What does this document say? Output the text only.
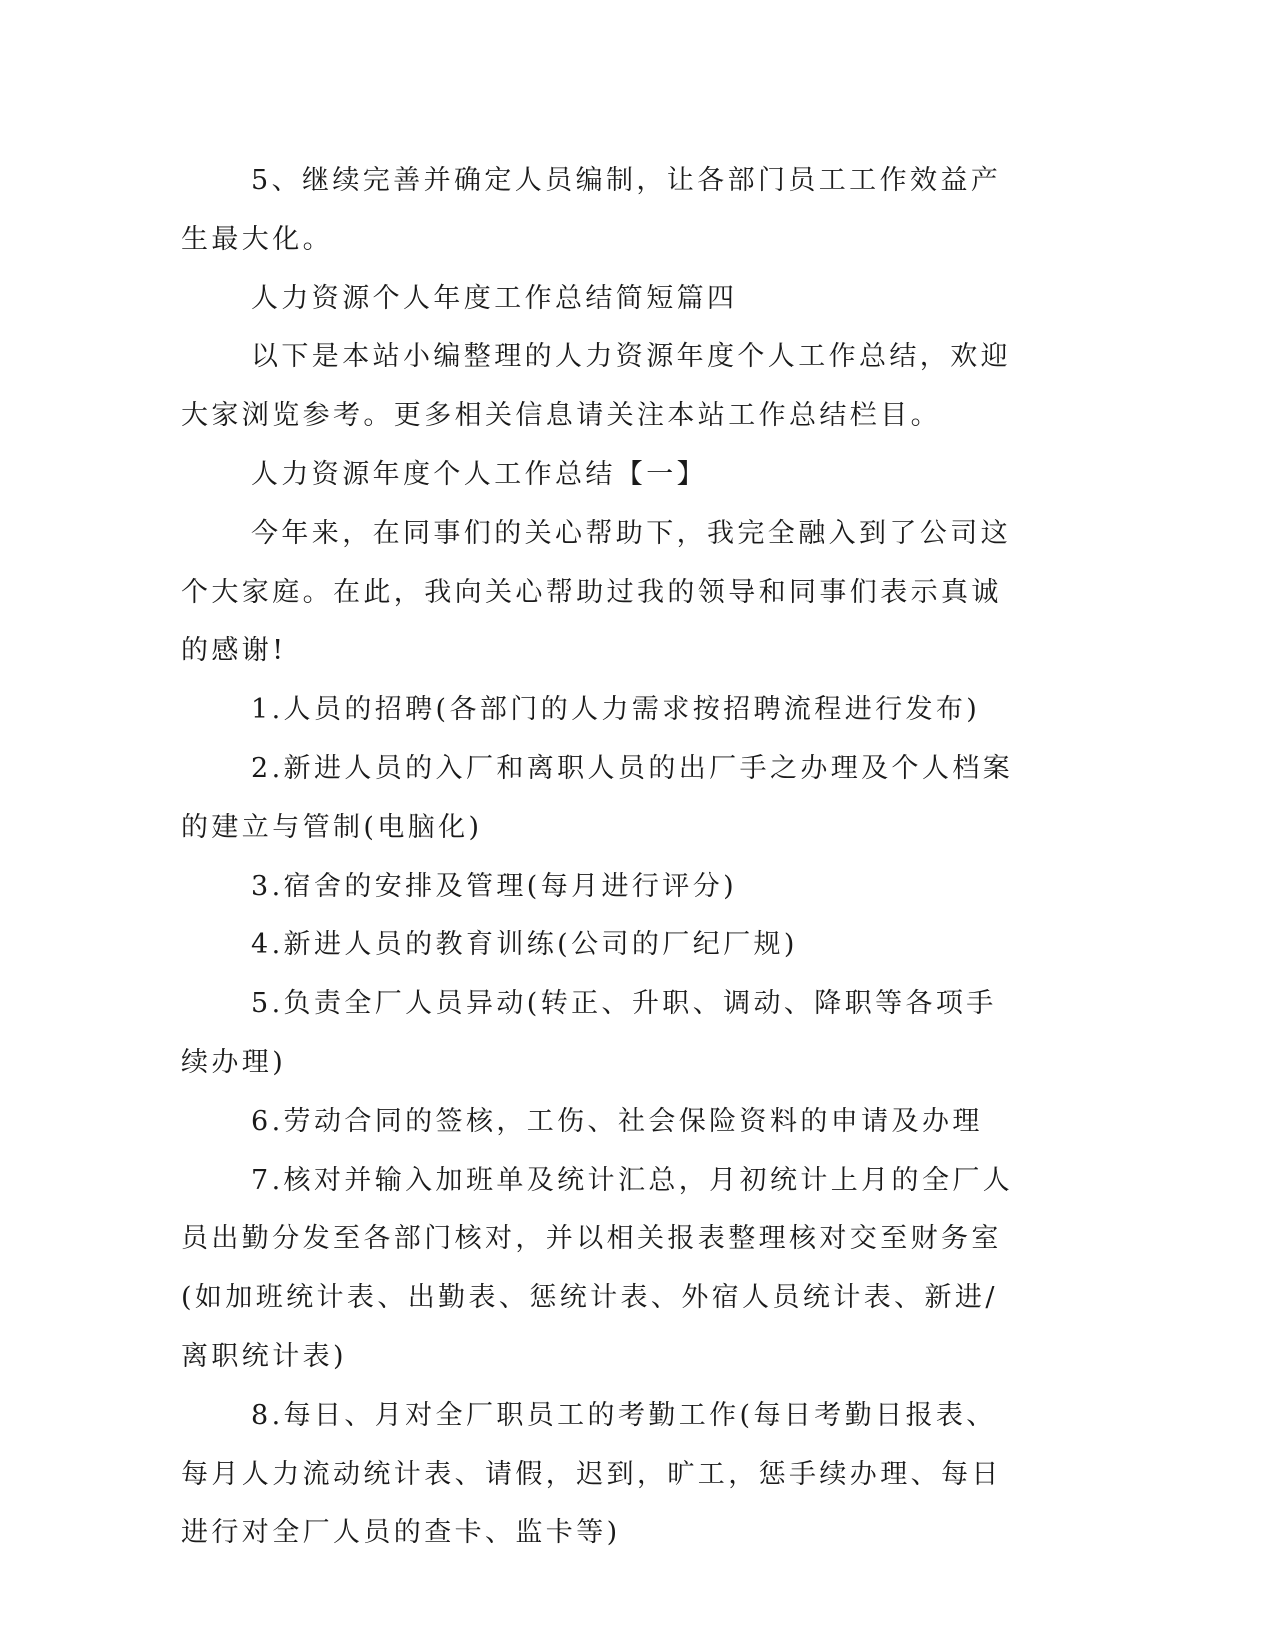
5、继续完善并确定人员编制，让各部门员工工作效益产生最大化。

人力资源个人年度工作总结简短篇四

以下是本站小编整理的人力资源年度个人工作总结，欢迎大家浏览参考。更多相关信息请关注本站工作总结栏目。

人力资源年度个人工作总结【一】

今年来，在同事们的关心帮助下，我完全融入到了公司这个大家庭。在此，我向关心帮助过我的领导和同事们表示真诚的感谢!

1.人员的招聘(各部门的人力需求按招聘流程进行发布)

2.新进人员的入厂和离职人员的出厂手之办理及个人档案的建立与管制(电脑化)

3.宿舍的安排及管理(每月进行评分)

4.新进人员的教育训练(公司的厂纪厂规)

5.负责全厂人员异动(转正、升职、调动、降职等各项手续办理)

6.劳动合同的签核，工伤、社会保险资料的申请及办理

7.核对并输入加班单及统计汇总，月初统计上月的全厂人员出勤分发至各部门核对，并以相关报表整理核对交至财务室(如加班统计表、出勤表、惩统计表、外宿人员统计表、新进/离职统计表)

8.每日、月对全厂职员工的考勤工作(每日考勤日报表、每月人力流动统计表、请假，迟到，旷工，惩手续办理、每日进行对全厂人员的查卡、监卡等)
